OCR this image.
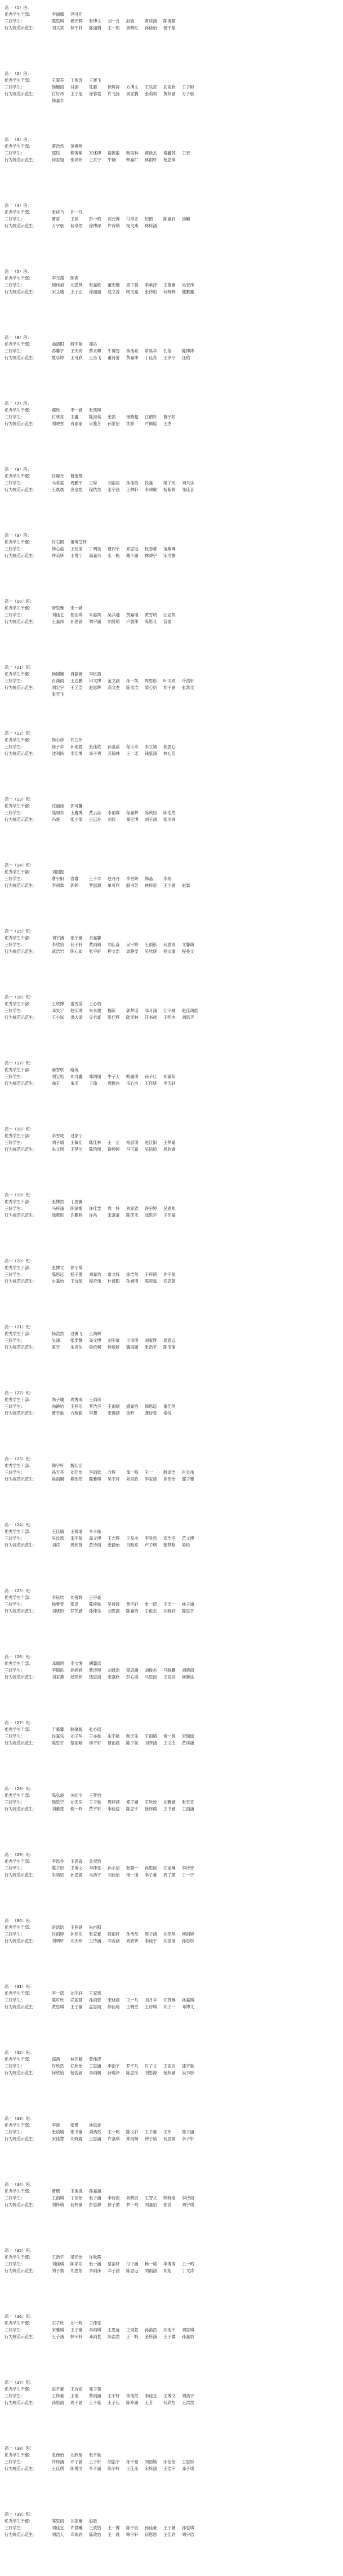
高一（1）班：
优秀学生干部：	李丽娜	冯可佳
三好学生：	陈思琪	杨光辉	张博文	刘一凡	赵敏	黄梓涵	陈博超
行为规范示范生：	刘文斌	林宇轩	陈丽娟	王一凯	周晓红	孙佳怡	杨宇航
高一（2）班：
优秀学生干部：	王翠芬	丁俊涛	王赟飞
三好学生：	韩颖雨	付捷	孔毅	徐辉涛	方博文	王乐宸	武雨欣	王子彬
行为规范示范生：	付好昂	王子旭	徐蓉雯	许飞扬	周家腾	张莉莉	黄梓涵	万子航
韩嘉丰
高一（3）班：
优秀学生干部：	蔡浩然	范柳艳
三好学生：	邵钰	程博翔	万述博	谢振敏	韩雨林	蒋徐杰	秦鑫苏	王宏
行为规范示范生：	何家旭	张鸿玥	王京宁	牛畅	韩嘉仁	林雨轩	杨思琪
高一（4）班：
优秀学生干部：	张梓乃	许一凡
三好学生：	曹骄	王函	彭一鸣	司元博	付李正	纪鹤	陈嘉轩	汤颖
行为规范示范生：	万宇航	何卓然	徐博深	许诗琪	杨文燕	林梓涵
高一（5）班：
优秀学生干部：	李元超	陈希
三好学生：	顾伟祖	刘思贤	张嘉欣	董宏璇	周子晨	李承泽	王德豪	吴宏伟
行为规范示范生：	宋艾瑜	王子正	徐丽丽	赵文涛	顾文嘉	张伟恒	何晓峰	熊繁鑫
高一（6）班：
优秀学生干部：	曲清阳	殷宇航	郑沁
三好学生：	苏馨宇	王天亮	蔡永卿	牛博智	林浩泉	章昊辛	孔莹	陈博涛
行为规范示范生：	夏乐婷	王可欣	王洛飞	董诗蕾	黄嘉伟	丁佳亮	王泽宇	汪佑
高一（7）班：
优秀学生干部：	郝欣	李一涵	张凯琪
三好学生：	付晓亮	王鑫	陈海英	张凯	杨晓超	江鹤轩	曹宇阳
行为规范示范生：	刘晓雪	肖丽丽	宋雅芳	孙家怡	沈婷	严佩瑶	王杰
高一（8）班：
优秀学生干部：	许舰元	曹雷理
三好学生：	马若童	周鹏宇	王烨	刘浩岩	孙佳怡	段嘉	梁子光	刘天乐
行为规范示范生：	王晨晨	庞金煊	程依然	张宇涵	王林轩	李晓敏	杨紫妍	邹佳音
高一（9）班：
优秀学生干部：	许石围	萧英艾杆
三好学生：	韩心蓝	王钰清	丁明昊	曹四宇	邓思远	杜春蕾	范燕琳
行为规范示范生：	许美妍	王悦宁	高嘉兴	张一帆	戴子涵	林晓宇	宋文静
高一（10）班：
优秀学生干部：	唐思雅	宋一涵
三好学生：	刘佳艺	程佳琪	朱惠凯	吴兵越	贾嘉瑞	黄雪明	汪忍凯
行为规范示范生：	王嘉伟	孙思涵	刘宇涵	刘雅萌	卢晨伟	陈思义	管雷
高一（11）班：
优秀学生干部：	杨园颖	肖静婉	李忆晨
三好学生：	肖潇雨	王志鹏	田文博	范文涵	孙一凯	周思彤	叶文欢	冷浩轩
行为规范示范生：	刘宏宇	王艺浩	赵思辉	高文杰	陈文浩	梁心怡	刘子涵	张凯文
张若飞
高一（12）班：
优秀学生干部：	韩小彦	代白伟
三好学生：	徐子卓	孙雨晨	张佳欣	孙嘉蓝	程天卓	李立颖	程思心
行为规范示范生：	沈利民	李宏博	周子勇	苏翰林	王一诺	钱紫涵	林心苗
高一（13）班：
优秀学生干部：	沈丽佳	郭可馨
三好学生：	陆加东	王鑫博	黄云苗	李雨霖	程嘉辉	陈秋铭	陈浩然
行为规范示范生：	冯楚	张小倩	王远舟	刘辰	秦宏博	刘子涵	张文洲
高一（14）班：
优秀学生干部：	刘国振
三好学生：	曹宇阳	袁睿	王子丰	赵丹丹	李雪妍	韩晶	李翊
行为规范示范生：	李初霖	郭婷	罗思源	单可欣	殷书芳	林梓宸	王小涵	赵霖
高一（15）班：
优秀学生干部：	刘宇涵	张宇豪	余嘉馨
三好学生：	李欣怡	何子轩	黄雨晴	刘佳淼	吴宇婷	王雨彤	何思雨	文馨萌
行为规范示范生：	武浩岩	陈心如	张宇轩	程文浩	周静雯	吴欣妍	杨文康	程曼文
高一（16）班：
优秀学生干部：	王欣博	雷雪莹	王心怡
三好学生：	邓炎宁	赵宏璞	朱永晟	魏新	郭梦瑶	邓月涵	江宇晴	赵佳鸿彪
行为规范示范生：	王小岚	洪大泽	吴君豪	彭佳辉	陆昊林	汪书晨	王明杰	刘思齐
高一（17）班：
优秀学生干部：	郝智联	路英
三好学生：	刘宝松	刘可鑫	郑炳瑞	牛子天	鲍涵琪	孙子仕	刘嘉阳
行为规范示范生：	曲玉	朱羽	王瑜	周振伟	韦心冉	王佳妍	李天轩
高一（18）班：
优秀学生干部：	李雪成	过家宁
三好学生：	刘子晴	王敏佳	陆佳林	王一正	杨思琪	赵红阳	王梦嘉
行为规范示范生：	朱文琪	王梦洁	陈怡琪	谢婷婷	马可嘉	吴铭煊	杨欣睿
高一（19）班：
优秀学生干部：	张博然	丁思翼
三好学生：	马梓涵	陈家衡	许佳雯	周一轩	刘家欣	许宇婷	吴恩熙
行为规范示范生：	陆紫彤	许鹏程	许昌	宋嘉豪	陈佳禾	陆思宇	王佳凝
高一（20）班：
优秀学生干部：	张博文	徐小棠
三好学生：	陈思远	杨子墨	刘嘉怡	常文轩	徐浩然	王梓萌	许宇航
行为规范示范生：	史嘉怡	王诗瑶	程宏伟	杜晨阳	孙婉清	陈奕霖	邓思朗
高一（21）班：
优秀学生干部：	杨浩然	过翼飞	王尚琳
三好学生：	吴涵	张雯静	高文博	刘宇豪	王诗琪	刘家辉	周思远
行为规范示范生：	夏天	朱彦伯	梁依桐	徐悦昕	魏雨涵	张浩宇	陈宝瑜
高一（22）班：
优秀学生干部：	尚子瑜	周博成	王雨琦
三好学生：	尚静怡	王梓乐	罗浩宇	王雨晴	盛嘉怡	韩思远	秦佳琪
行为规范示范生：	曹宇航	方刚毅	李想	张博涵	金昕	龚诗雯	常悦
高一（23）班：
优秀学生干部：	韩宇轩	魏佳宏
三好学生：	孙天亮	刘佳怡	李雨欣	方辉	邹一鸣	王一	殷泽浩	肖灵伟
行为规范示范生：	姚雨桐	柳浩然	陈雅琪	吴宇轩	刘雨欣	李家晨	徐佳怡	郭子骞
高一（24）班：
优秀学生干部：	王佳瑞	王锦瑞	李子薇
三好学生：	吴汝凯	宋宇航	高文博	王志辉	王品杰	李昊然	邓浩宇	范文博
行为规范示范生：	刘庆	周邦贤	黄诗雨	张静怡	吕晗亮	卢子明	张梦晗	梁悦
高一（25）班：
优秀学生干部：	李钰欣	刘雪辉	王宇豪
三好学生：	杨雅萱	张泽	陈梓航	吴晨晨	贾宇轩	张一诺	王天一	林子涵
行为规范示范生：	刘晓彤	罗艺涵	孙佳乐	刘思源	陈嘉怡	王俊杰	刘晓轩	陈思宇
高一（26）班：
优秀学生干部：	邓佩琪	李文博	胡馨瑶
三好学生：	李锦洪	徐婷婷	曹诗琪	刘晨浩	梁思涵	刘俊杰	马晓鹏	刘晓雨
行为规范示范生：	刘家燕	赵凯玥	钱思雨	张嘉欣	彭心雨	马思雨	王雨辰	何新达
高一（27）班：
优秀学生干部：	于慕馨	韩慕智	张心瑶
三好学生：	许嘉乐	刘子华	王亦航	朱宇航	韩天乐	王雨晴	常一晨	宋瑞绿
行为规范示范生：	陈思宇	蔡雨晴	林宇轩	曹雨晨	陆子航	刘梦涵	王文杰	黄梓涵
高一（28）班：
优秀学生干部：	陈弘毅	关纪宇	王梦怡
三好学生：	韩思宁	刘天乐	王子航	周梓涵	邓子涵	王欣悦	刘雅涵	张雪宜
行为规范示范生：	刘紫萱	程一鸣	黄宇轩	李佳蕊	陈思宇	徐梓萌	王书涵	王雨涵
高一（29）班：
优秀学生干部：	李思乔	王思淼	金双怡
三好学生：	陈子辰	王博文	李佳雯	孙小语	张静一	孙思远	汪丽琳	李诗奇
行为规范示范生：	朱奕辰	孙思源	马浩宇	刘佳怡	杨一诺	李子豪	周子墨	丁一宁
高一（30）班：
优秀学生干部：	赵语晗	王梓涵	朱冉阳
三好学生：	许雨婷	孙佳乐	张家豪	段雨轩	孙浩然	周子涵	刘佳琪	何雨婷
行为规范示范生：	刘明轩	刘天明	王诗涵	邓若涵	刘欣妍	李佳宇	刘国瑞	孙思彤
高一（31）班：
优秀学生干部：	李一诺	刘宇轩	王家凯
三好学生：	陈可欣	尚雨萱	孙雨萱	宋晓晨	王一凡	刘月华	任苏琳	林嘉琪
行为规范示范生：	黄思琪	王子豪	孟思雨	韩佳琦	王晓雪	王诗琪	刘子一	邓博文
高一（32）班：
优秀学生干部：	邱茜	林佳颖	黄伟涛
三好学生：	许欣然	任欣怡	王思涵	李浩宇	罗宇凡	许子文	王雨辰	潘宇航
行为规范示范生：	何欣怡	杨若涵	李雨桐	薛瑞泽	陈思彤	刘思源	杨梓涵	吴书彤
高一（33）班：
优秀学生干部：	李晨	张景	林思睿
三好学生：	张语嫣	张书豪	刘浩然	王一鸣	陈文轩	王子豪	王伟	谢子涵
行为规范示范生：	宋佳慧	刘晓霖	王思涵	许嘉琪	郑雨桐	钟子晗	何思敏	李子轩
高一（34）班：
优秀学生干部：	曹熙	王俊逸	孙嘉涵
三好学生：	王雨琪	丁佳怡	张子涵	李诗雨	刘晓辰	王智文	韩晓瑞	李诗雨
行为规范示范生：	刘梓萌	何梓豪	彭思源	徐子墨	罗一鸣	刘嘉怡	张宸	刘宇琪
高一（35）班：
优秀学生干部：	王浩宇	梁佳怡	许秋霞
三好学生：	刘佳琪	陈家乐	张一涵	蔡浩轩	付子涵	杨一诺	李博涛	王一鸣
行为规范示范生：	刘子墨	刘思彤	李雨泽	邓子涵	陈思远	刘雨涵	刘旭	丁文涛
高一（36）班：
优秀学生干部：	石子欣	刘一鸣	王佳雯
三好学生：	宋雅琪	王子豪	李雨琪	王思远	王雨萱	孙浩然	刘浩宇	刘思琪
行为规范示范生：	王子涵	韩宇轩	邓雨萱	陈浩然	王一帆	金梓涵	王子睿	孙嘉怡
高一（37）班：
优秀学生干部：	赵宇豪	王诗雨	邓子墨
三好学生：	王梓豪	王瑞	蔡雨涵	王宇轩	李浩然	李佳宜	王博文	刘浩宇
行为规范示范生：	孙思雨	周子涵	王子豪	王子佳	陈梓涵	王芳	何欣怡	王浩然
高一（38）班：
优秀学生干部：	袁佳怡	刘欣瑶	张宇航
三好学生：	许梓涵	邓子涵	王子轩	胡浩宇	孙宇豪	刘语嫣	宋佳怡	王思彤
行为规范示范生：	王佳琪	陈博文	李子涵	陈宇轩	王佳乐	宋梓涵	王浩宇	邓子琪
高一（39）班：
优秀学生干部：	邹思雨	刘家豪	赵敏
三好学生：	刘佳宜	许晨曦	王欣怡	王一博	陈宇辰	孙佳豪	王子涵	孙思琪
行为规范示范生：	刘浩天	邓雨欣	陈欣怡	王一晨	韩宇轩	何思思	王佳欣	刘宇浩
